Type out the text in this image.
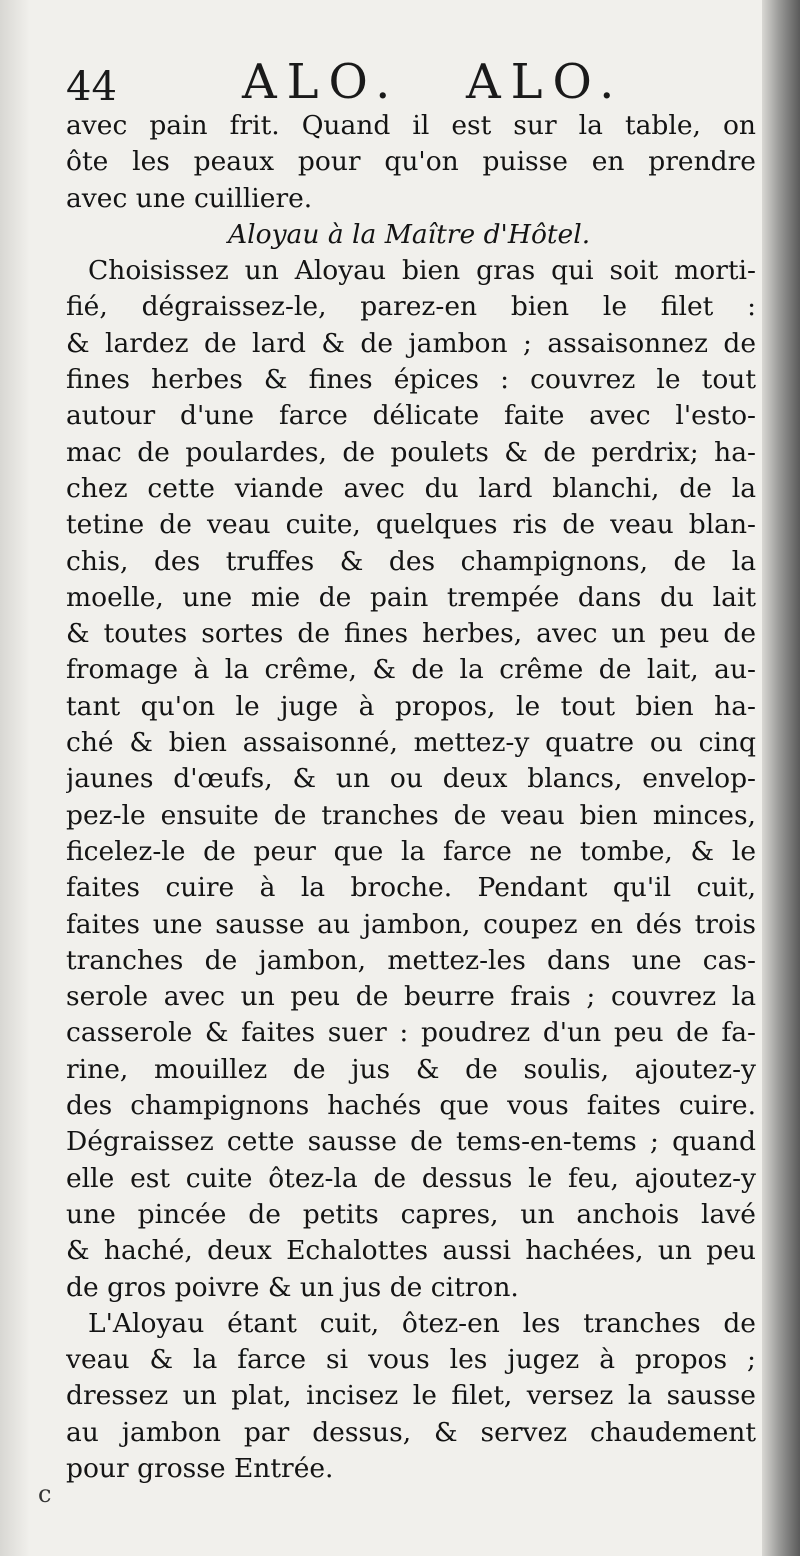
44	ALO. ALO.
avec pain frit. Quand il est sur la table, on
ôte les peaux pour qu'on puisse en prendre
avec une cuilliere.
Aloyau à la Maître d'Hôtel.
Choisissez un Aloyau bien gras qui soit morti-
fié, dégraissez-le, parez-en bien le filet :
& lardez de lard & de jambon ; assaisonnez de
fines herbes & fines épices : couvrez le tout
autour d'une farce délicate faite avec l'esto-
mac de poulardes, de poulets & de perdrix; ha-
chez cette viande avec du lard blanchi, de la
tetine de veau cuite, quelques ris de veau blan-
chis, des truffes & des champignons, de la
moelle, une mie de pain trempée dans du lait
& toutes sortes de fines herbes, avec un peu de
fromage à la crême, & de la crême de lait, au-
tant qu'on le juge à propos, le tout bien ha-
ché & bien assaisonné, mettez-y quatre ou cinq
jaunes d'œufs, & un ou deux blancs, envelop-
pez-le ensuite de tranches de veau bien minces,
ficelez-le de peur que la farce ne tombe, & le
faites cuire à la broche. Pendant qu'il cuit,
faites une sausse au jambon, coupez en dés trois
tranches de jambon, mettez-les dans une cas-
serole avec un peu de beurre frais ; couvrez la
casserole & faites suer : poudrez d'un peu de fa-
rine, mouillez de jus & de soulis, ajoutez-y
des champignons hachés que vous faites cuire.
Dégraissez cette sausse de tems-en-tems ; quand
elle est cuite ôtez-la de dessus le feu, ajoutez-y
une pincée de petits capres, un anchois lavé
& haché, deux Echalottes aussi hachées, un peu
de gros poivre & un jus de citron.
L'Aloyau étant cuit, ôtez-en les tranches de
veau & la farce si vous les jugez à propos ;
dressez un plat, incisez le filet, versez la sausse
au jambon par dessus, & servez chaudement
pour grosse Entrée.
c
